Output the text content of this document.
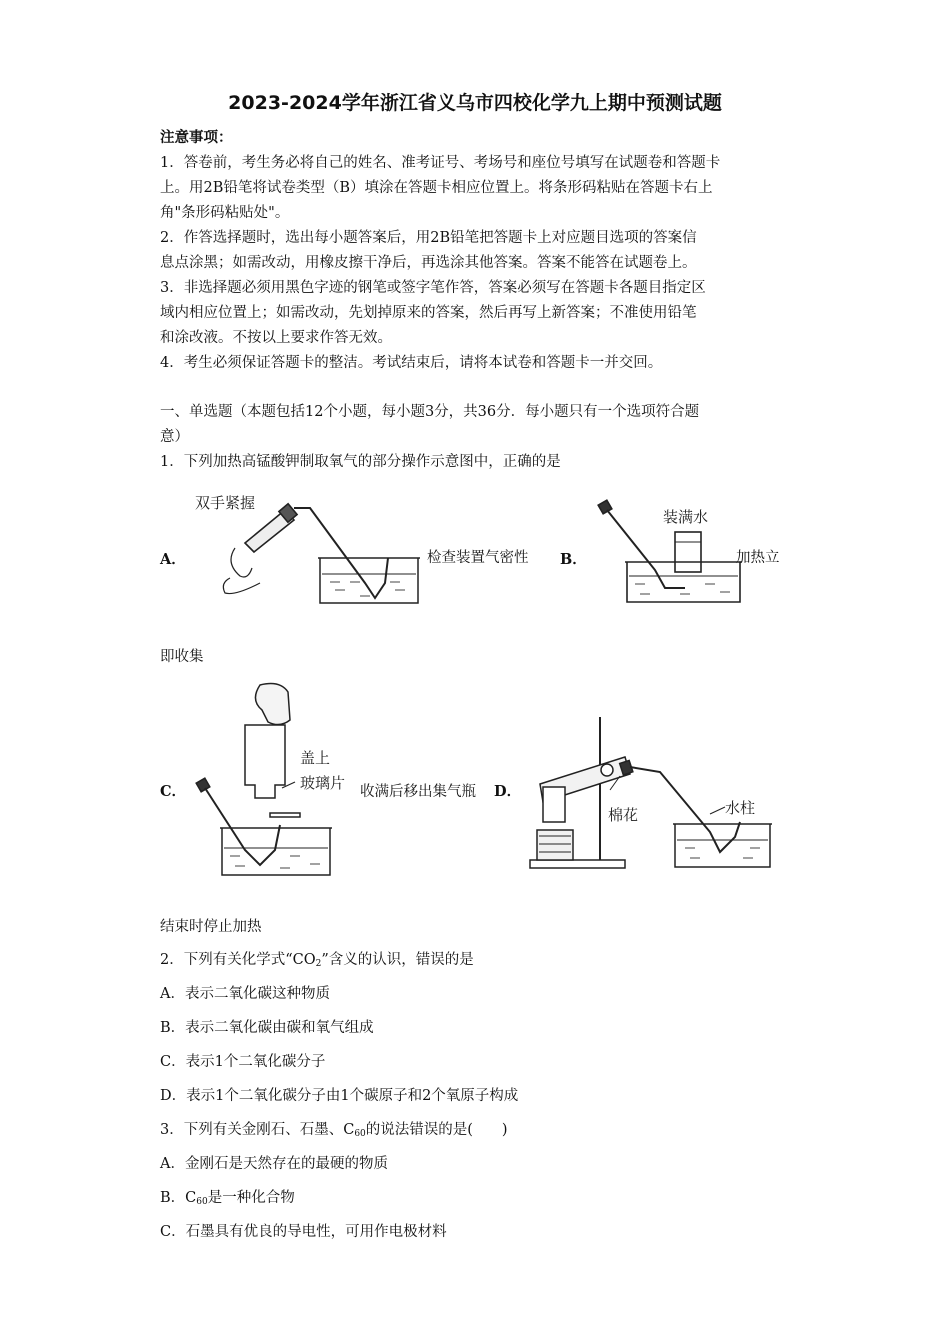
2023-2024学年浙江省义乌市四校化学九上期中预测试题
注意事项：
1．答卷前，考生务必将自己的姓名、准考证号、考场号和座位号填写在试题卷和答题卡
上。用2B铅笔将试卷类型（B）填涂在答题卡相应位置上。将条形码粘贴在答题卡右上
角"条形码粘贴处"。
2．作答选择题时，选出每小题答案后，用2B铅笔把答题卡上对应题目选项的答案信
息点涂黑；如需改动，用橡皮擦干净后，再选涂其他答案。答案不能答在试题卷上。
3．非选择题必须用黑色字迹的钢笔或签字笔作答，答案必须写在答题卡各题目指定区
域内相应位置上；如需改动，先划掉原来的答案，然后再写上新答案；不准使用铅笔
和涂改液。不按以上要求作答无效。
4．考生必须保证答题卡的整洁。考试结束后，请将本试卷和答题卡一并交回。
一、单选题（本题包括12个小题，每小题3分，共36分．每小题只有一个选项符合题
意）
1．下列加热高锰酸钾制取氧气的部分操作示意图中，正确的是
A．
双手紧握
检查装置气密性 B．
装满水
加热立
即收集
C．
盖上
玻璃片 收满后移出集气瓶 D．
棉花	水柱
结束时停止加热
2．下列有关化学式“$CO_2$”含义的认识，错误的是
A．表示二氧化碳这种物质
B．表示二氧化碳由碳和氧气组成
C．表示1个二氧化碳分子
D．表示1个二氧化碳分子由1个碳原子和2个氧原子构成
3．下列有关金刚石、石墨、$C_{60}$的说法错误的是(　　)
A．金刚石是天然存在的最硬的物质
B．$C_{60}$是一种化合物
C．石墨具有优良的导电性，可用作电极材料
